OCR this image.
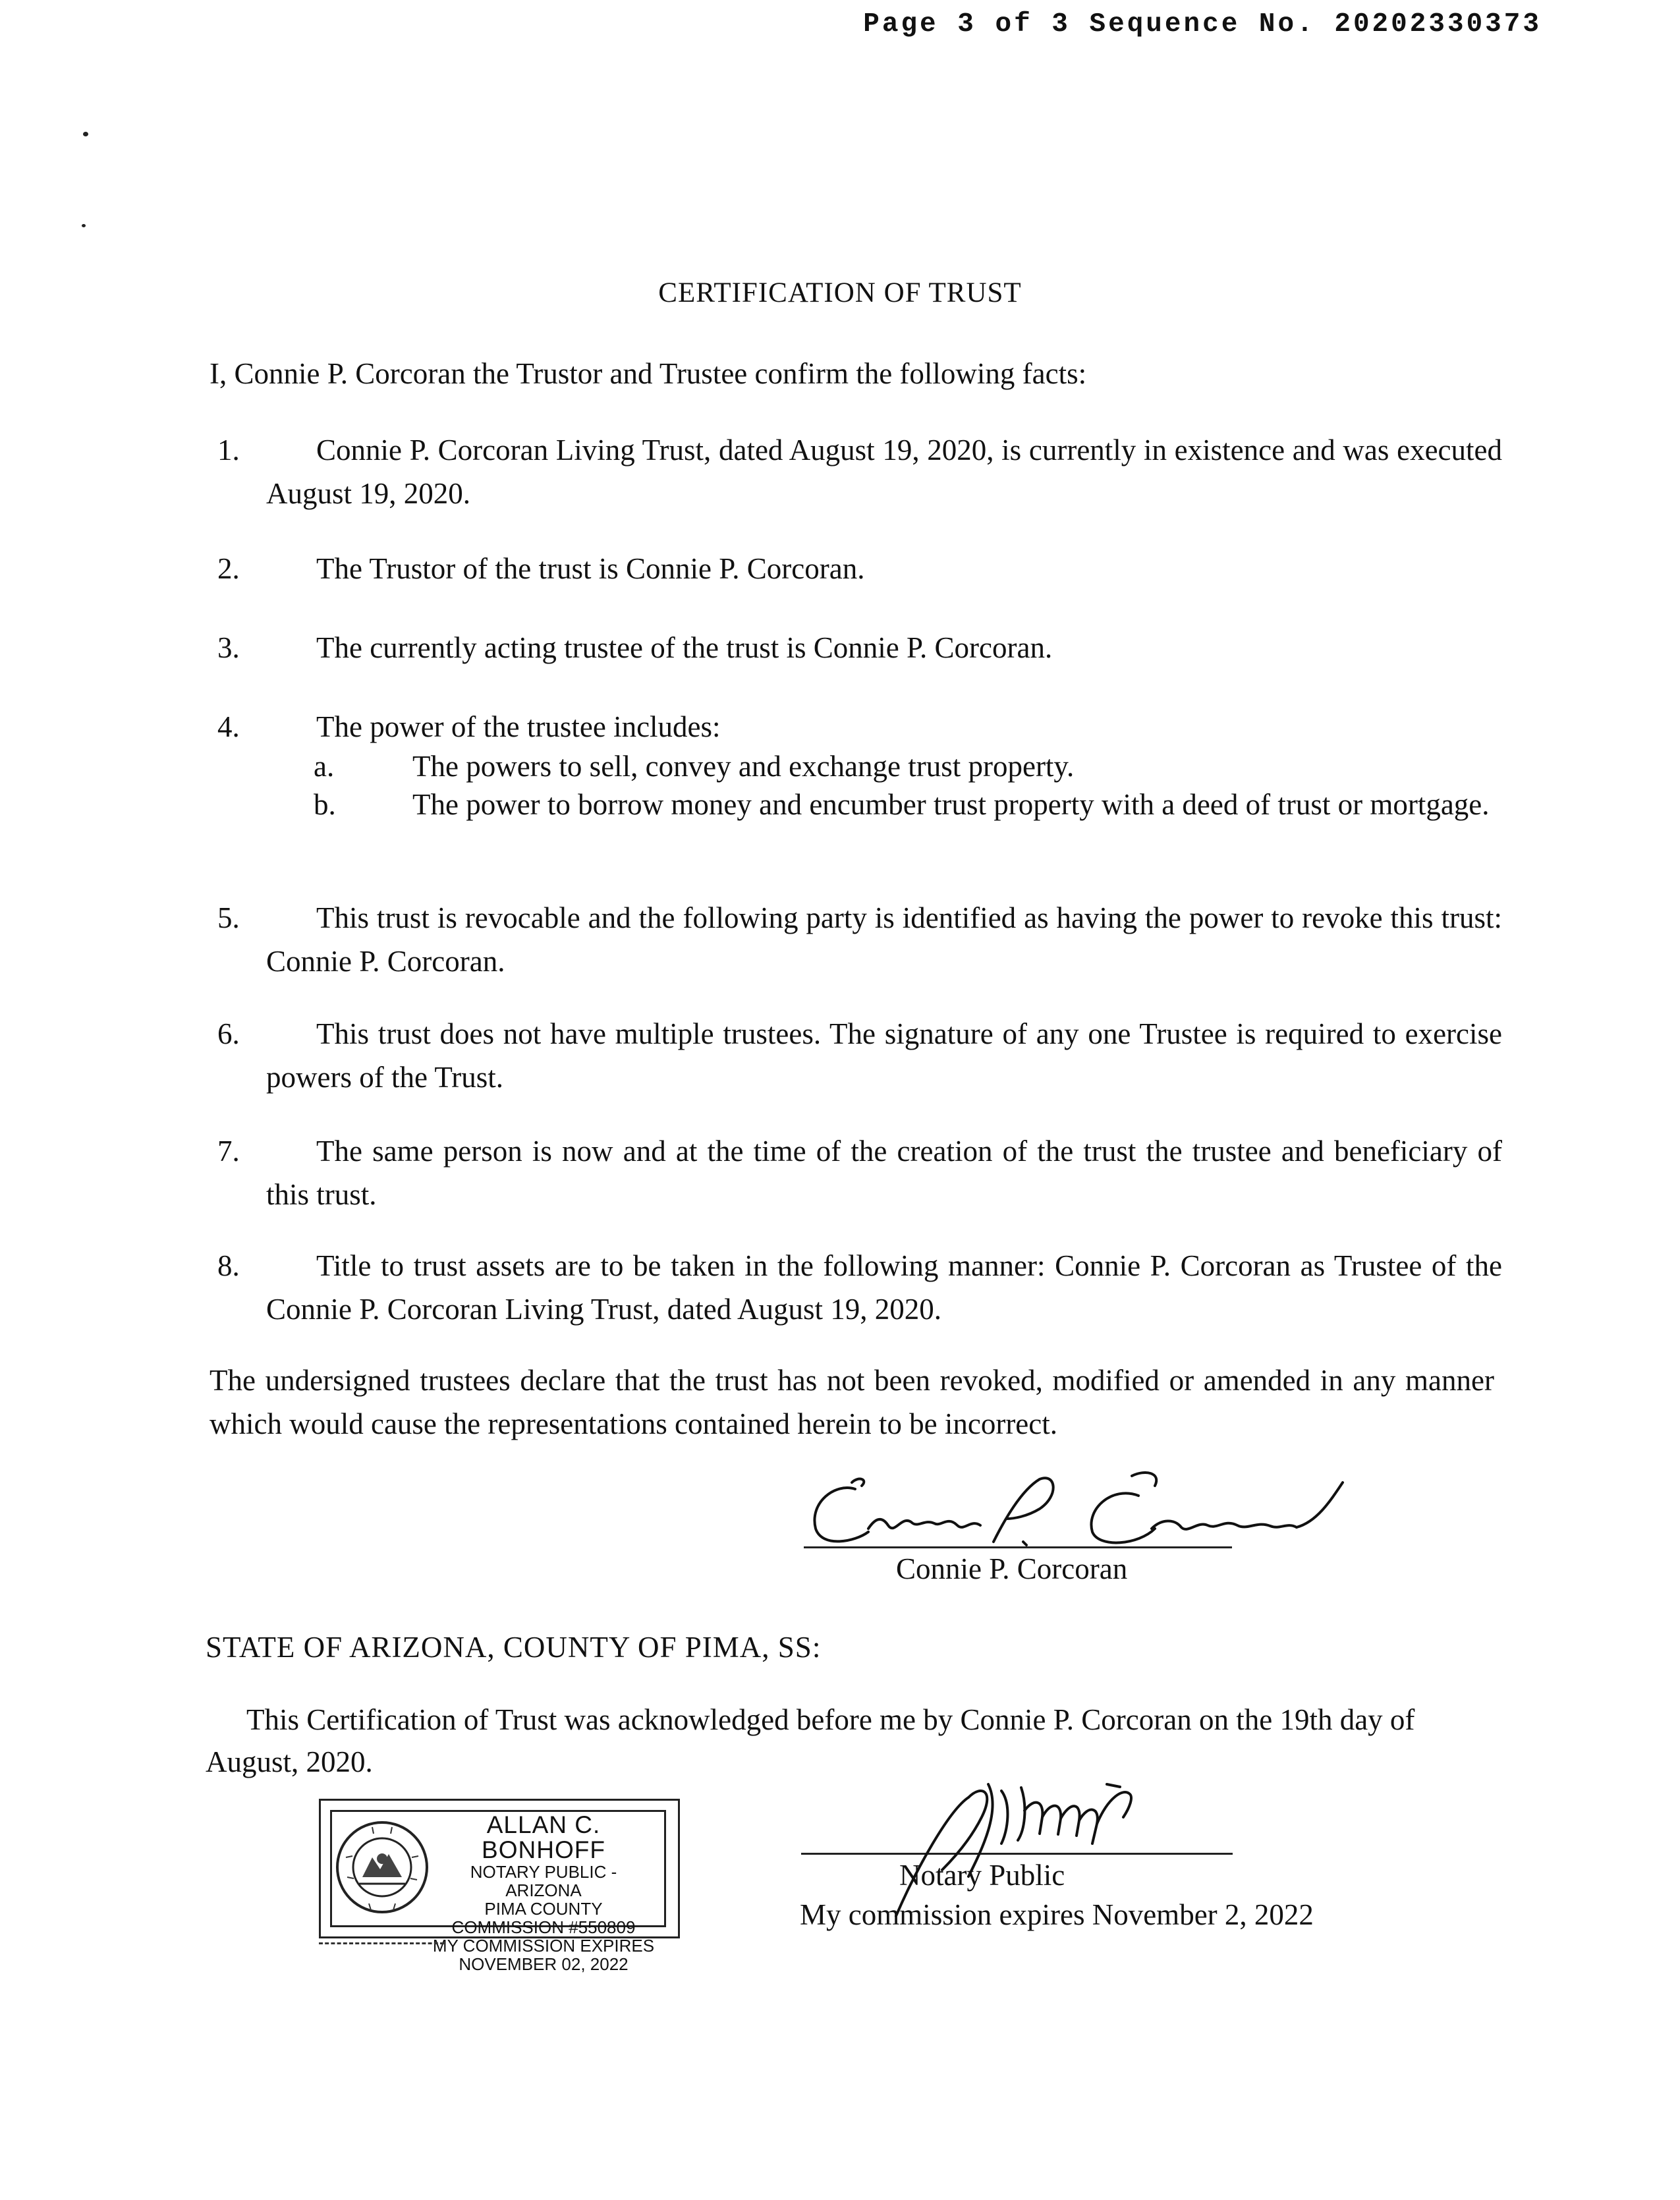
Page 3 of 3 Sequence No. 20202330373
CERTIFICATION OF TRUST
I, Connie P. Corcoran the Trustor and Trustee confirm the following facts:
1.	Connie P. Corcoran Living Trust, dated August 19, 2020, is currently in existence and was executed August 19, 2020.
2.	The Trustor of the trust is Connie P. Corcoran.
3.	The currently acting trustee of the trust is Connie P. Corcoran.
4.	The power of the trustee includes:
a.	The powers to sell, convey and exchange trust property.
b.	The power to borrow money and encumber trust property with a deed of trust or mortgage.
5.	This trust is revocable and the following party is identified as having the power to revoke this trust: Connie P. Corcoran.
6.	This trust does not have multiple trustees. The signature of any one Trustee is required to exercise powers of the Trust.
7.	The same person is now and at the time of the creation of the trust the trustee and beneficiary of this trust.
8.	Title to trust assets are to be taken in the following manner: Connie P. Corcoran as Trustee of the Connie P. Corcoran Living Trust, dated August 19, 2020.
The undersigned trustees declare that the trust has not been revoked, modified or amended in any manner which would cause the representations contained herein to be incorrect.
Connie P. Corcoran
STATE OF ARIZONA, COUNTY OF PIMA, SS:
This Certification of Trust was acknowledged before me by Connie P. Corcoran on the 19th day of August, 2020.
ALLAN C. BONHOFF
NOTARY PUBLIC - ARIZONA
PIMA COUNTY
COMMISSION #550809
MY COMMISSION EXPIRES
NOVEMBER 02, 2022
Notary Public
My commission expires November 2, 2022
